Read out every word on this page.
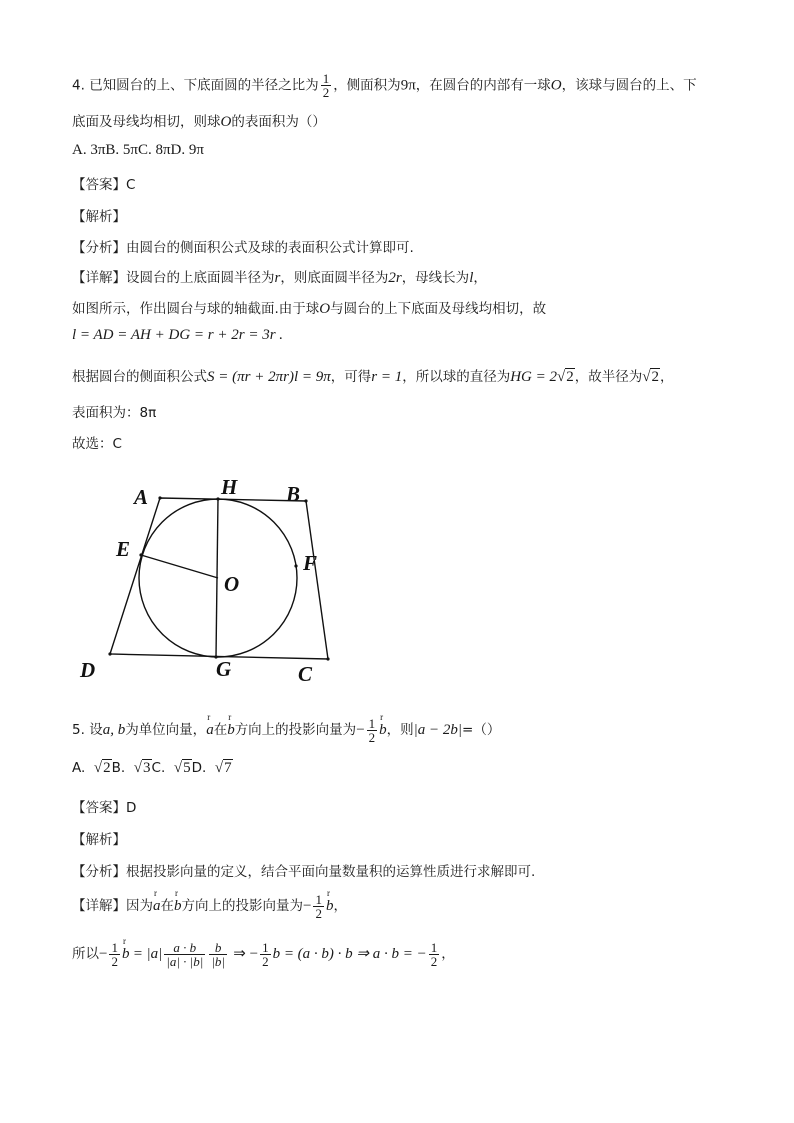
4. 已知圆台的上、下底面圆的半径之比为 $\frac{1}{2}$ ，侧面积为9π，在圆台的内部有一球O，该球与圆台的上、下
底面及母线均相切，则球O的表面积为（）
A. 3πB. 5πC. 8πD. 9π
【答案】C
【解析】
【分析】由圆台的侧面积公式及球的表面积公式计算即可.
【详解】设圆台的上底面圆半径为r，则底面圆半径为2r，母线长为l，
如图所示，作出圆台与球的轴截面.由于球O与圆台的上下底面及母线均相切，故
l = AD = AH + DG = r + 2r = 3r .
根据圆台的侧面积公式S = (πr + 2πr)l = 9π，可得r = 1，所以球的直径为HG = 2√2，故半径为√2，
表面积为：8π
故选：C
A	H B
E
F
O
D	G	C
5. 设a, b为单位向量，r a在r b方向上的投影向量为− $\frac{1}{2}$ r b，则|a − 2b|=（）
A. √2B. √3C. √5D. √7
【答案】D
【解析】
【分析】根据投影向量的定义，结合平面向量数量积的运算性质进行求解即可.
【详解】因为r a在r b方向上的投影向量为− $\frac{1}{2}$ r b，
所以− $\frac{1}{2}$ r $b = |a| \frac{a \cdot b}{|a| \cdot |b|} \frac{b}{|b|}$ ⇒ − $\frac{1}{2}$ b = (a · b) · b ⇒ a · b = − $\frac{1}{2}$ ，
